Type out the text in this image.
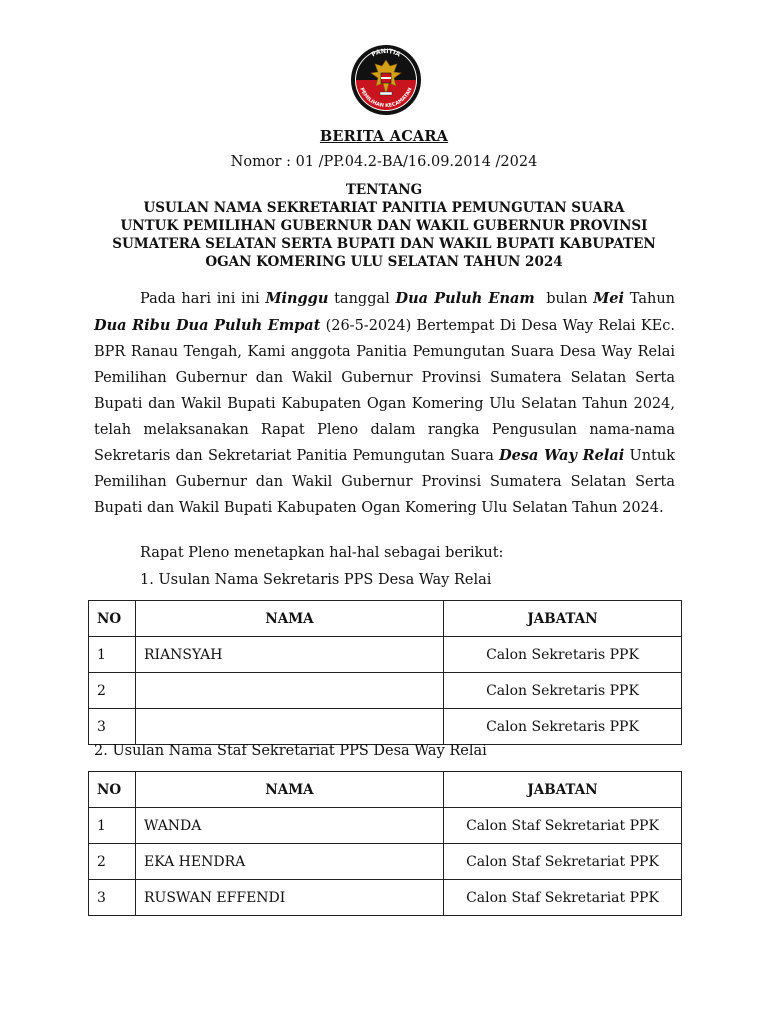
PANITIA
PEMILIHAN KECAMATAN
BERITA ACARA
Nomor : 01 /PP.04.2-BA/16.09.2014 /2024
TENTANG
USULAN NAMA SEKRETARIAT PANITIA PEMUNGUTAN SUARA
UNTUK PEMILIHAN GUBERNUR DAN WAKIL GUBERNUR PROVINSI
SUMATERA SELATAN SERTA BUPATI DAN WAKIL BUPATI KABUPATEN
OGAN KOMERING ULU SELATAN TAHUN 2024
Pada hari ini ini Minggu tanggal Dua Puluh Enam  bulan Mei Tahun Dua Ribu Dua Puluh Empat (26-5-2024) Bertempat Di Desa Way Relai KEc. BPR Ranau Tengah, Kami anggota Panitia Pemungutan Suara Desa Way Relai Pemilihan Gubernur dan Wakil Gubernur Provinsi Sumatera Selatan Serta Bupati dan Wakil Bupati Kabupaten Ogan Komering Ulu Selatan Tahun 2024, telah melaksanakan Rapat Pleno dalam rangka Pengusulan nama-nama Sekretaris dan Sekretariat Panitia Pemungutan Suara Desa Way Relai Untuk Pemilihan Gubernur dan Wakil Gubernur Provinsi Sumatera Selatan Serta Bupati dan Wakil Bupati Kabupaten Ogan Komering Ulu Selatan Tahun 2024.
Rapat Pleno menetapkan hal-hal sebagai berikut:
1. Usulan Nama Sekretaris PPS Desa Way Relai
NO	NAMA	JABATAN
1	RIANSYAH	Calon Sekretaris PPK
2		Calon Sekretaris PPK
3		Calon Sekretaris PPK
2. Usulan Nama Staf Sekretariat PPS Desa Way Relai
NO	NAMA	JABATAN
1	WANDA	Calon Staf Sekretariat PPK
2	EKA HENDRA	Calon Staf Sekretariat PPK
3	RUSWAN EFFENDI	Calon Staf Sekretariat PPK
